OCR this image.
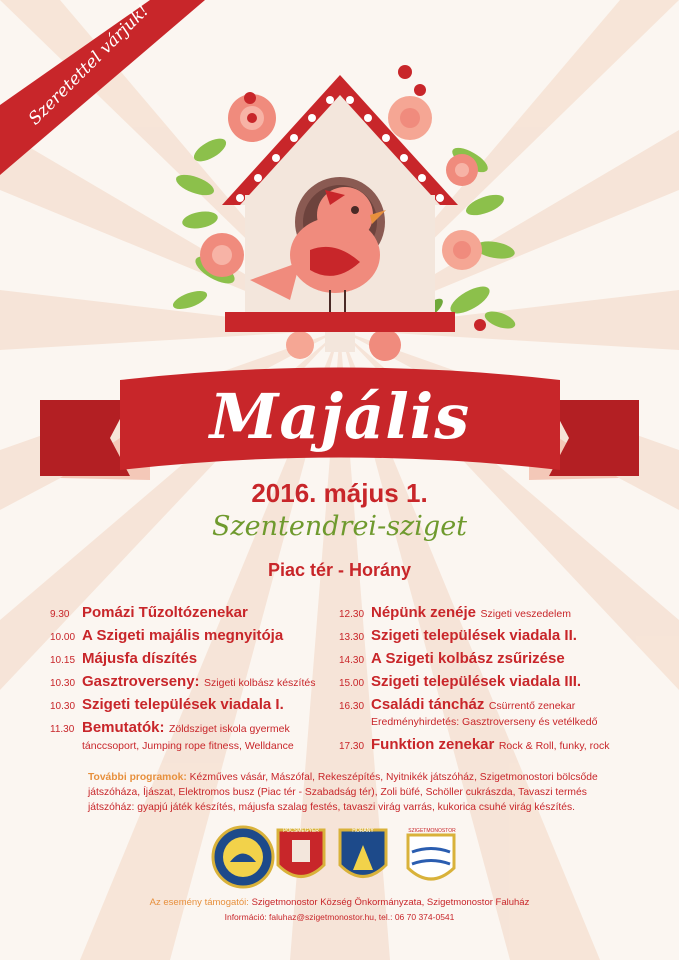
Szeretettel várjuk!
Majális
2016. május 1.
Szentendrei-sziget
Piac tér - Horány
POCSMEGYER	HORÁNY	SZIGETMONOSTOR
9.30 Pomázi Tűzoltózenekar
10.00 A Szigeti majális megnyitója
10.15 Májusfa díszítés
10.30 Gasztroverseny: Szigeti kolbász készítés
10.30 Szigeti települések viadala I.
11.30 Bemutatók: Zöldsziget iskola gyermek
tánccsoport, Jumping rope fitness, Welldance
12.30 Népünk zenéje Szigeti veszedelem
13.30 Szigeti települések viadala II.
14.30 A Szigeti kolbász zsűrizése
15.00 Szigeti települések viadala III.
16.30 Családi táncház Csürrentő zenekar
Eredményhirdetés: Gasztroverseny és vetélkedő
17.30 Funktion zenekar Rock & Roll, funky, rock
További programok: Kézműves vásár, Mászófal, Rekeszépítés, Nyitnikék játszóház, Szigetmonostori bölcsőde játszóháza, Íjászat, Elektromos busz (Piac tér - Szabadság tér), Zoli büfé, Schöller cukrászda, Tavaszi termés játszóház: gyapjú játék készítés, májusfa szalag festés, tavaszi virág varrás, kukorica csuhé virág készítés.
Az esemény támogatói: Szigetmonostor Község Önkormányzata, Szigetmonostor Faluház
Információ: faluhaz@szigetmonostor.hu, tel.: 06 70 374-0541
